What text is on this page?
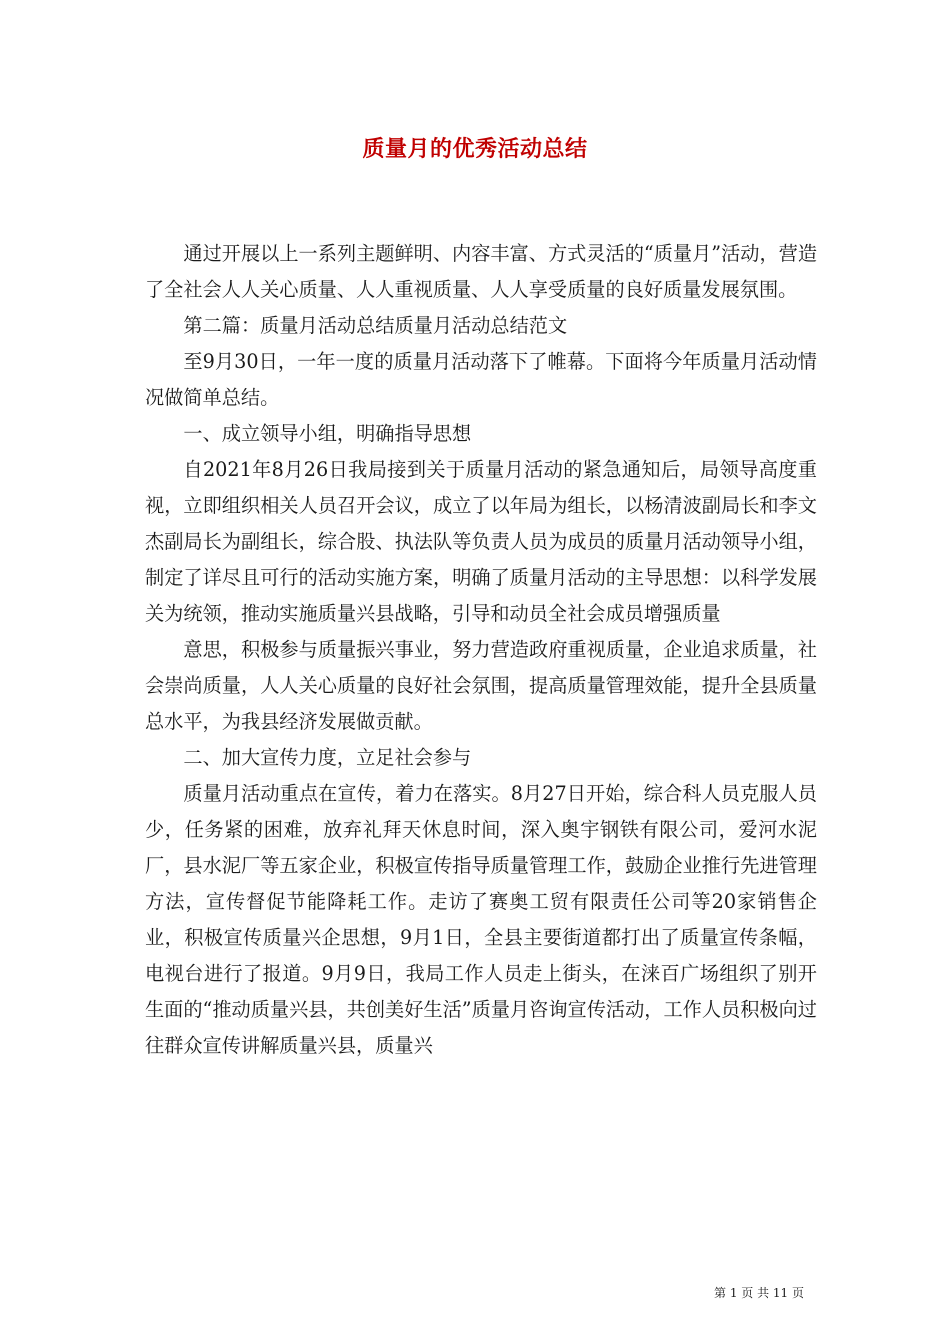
质量月的优秀活动总结

通过开展以上一系列主题鲜明、内容丰富、方式灵活的“质量月”活动，营造了全社会人人关心质量、人人重视质量、人人享受质量的良好质量发展氛围。

第二篇：质量月活动总结质量月活动总结范文

至9月30日，一年一度的质量月活动落下了帷幕。下面将今年质量月活动情况做简单总结。

一、成立领导小组，明确指导思想

自2021年8月26日我局接到关于质量月活动的紧急通知后，局领导高度重视，立即组织相关人员召开会议，成立了以年局为组长，以杨清波副局长和李文杰副局长为副组长，综合股、执法队等负责人员为成员的质量月活动领导小组，制定了详尽且可行的活动实施方案，明确了质量月活动的主导思想：以科学发展关为统领，推动实施质量兴县战略，引导和动员全社会成员增强质量

意思，积极参与质量振兴事业，努力营造政府重视质量，企业追求质量，社会崇尚质量，人人关心质量的良好社会氛围，提高质量管理效能，提升全县质量总水平，为我县经济发展做贡献。

二、加大宣传力度，立足社会参与

质量月活动重点在宣传，着力在落实。8月27日开始，综合科人员克服人员少，任务紧的困难，放弃礼拜天休息时间，深入奥宇钢铁有限公司，爱河水泥厂，县水泥厂等五家企业，积极宣传指导质量管理工作，鼓励企业推行先进管理方法，宣传督促节能降耗工作。走访了赛奥工贸有限责任公司等20家销售企业，积极宣传质量兴企思想，9月1日，全县主要街道都打出了质量宣传条幅，电视台进行了报道。9月9日，我局工作人员走上街头，在涞百广场组织了别开生面的“推动质量兴县，共创美好生活”质量月咨询宣传活动，工作人员积极向过往群众宣传讲解质量兴县，质量兴

第 1 页 共 11 页
